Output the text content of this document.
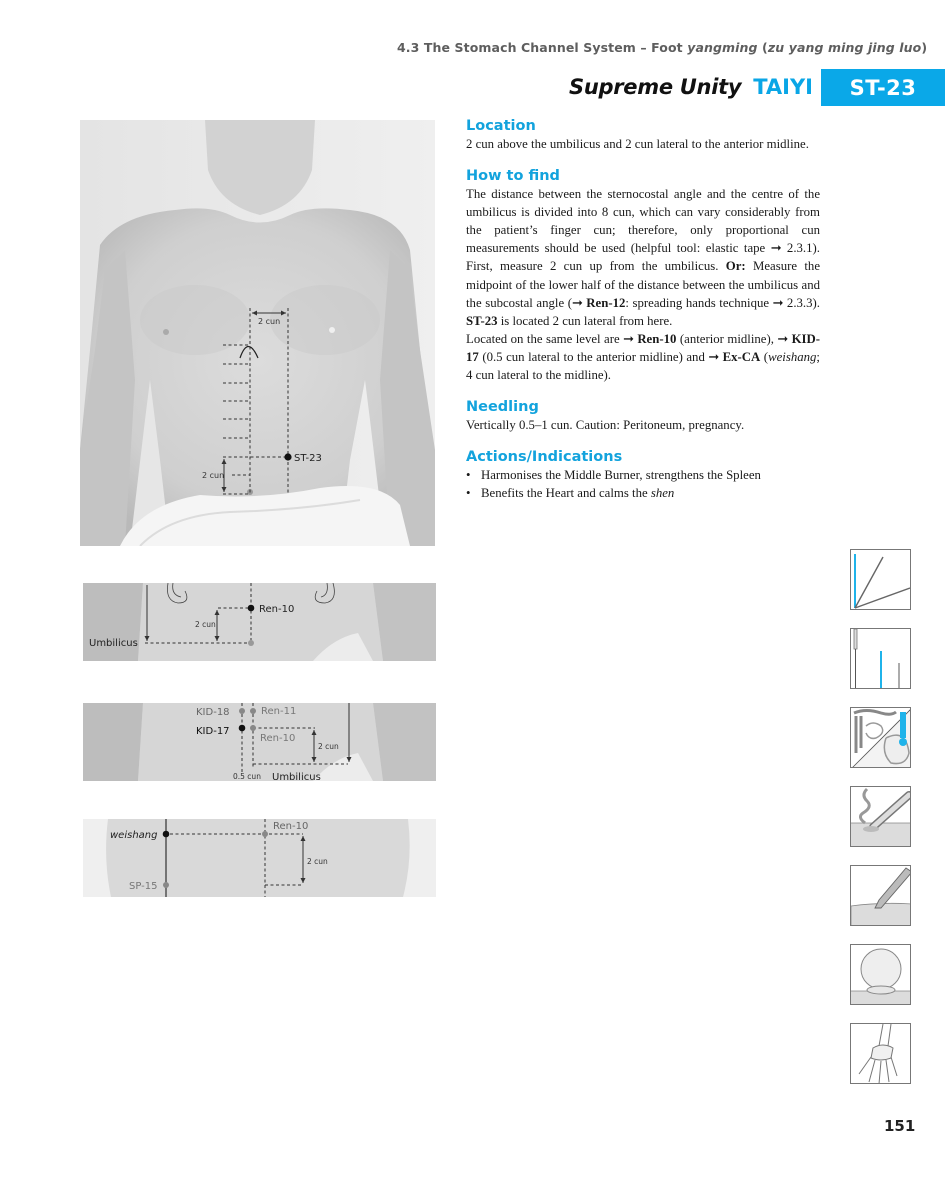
4.3 The Stomach Channel System – Foot yangming (zu yang ming jing luo)
Supreme Unity TAIYI ST-23
Location

2 cun above the umbilicus and 2 cun lateral to the anterior midline.

How to find

The distance between the sternocostal angle and the centre of the umbilicus is divided into 8 cun, which can vary considerably from the patient’s finger cun; therefore, only proportional cun measurements should be used (helpful tool: elastic tape ➞ 2.3.1). First, measure 2 cun up from the umbilicus. Or: Measure the midpoint of the lower half of the distance between the umbilicus and the subcostal angle (➞ Ren-12: spreading hands technique ➞ 2.3.3). ST-23 is located 2 cun lateral from here.

Located on the same level are ➞ Ren-10 (anterior midline), ➞ KID-17 (0.5 cun lateral to the anterior midline) and ➞ Ex-CA (weishang; 4 cun lateral to the midline).

Needling

Vertically 0.5–1 cun. Caution: Peritoneum, pregnancy.

Actions/Indications
• Harmonises the Middle Burner, strengthens the Spleen
• Benefits the Heart and calms the shen
2 cun
2 cun
ST-23
Ren-10
2 cun
Umbilicus
KID-18	Ren-11
KID-17
Ren-10
2 cun
0.5 cun Umbilicus
Ren-10
weishang
2 cun
SP-15
151
